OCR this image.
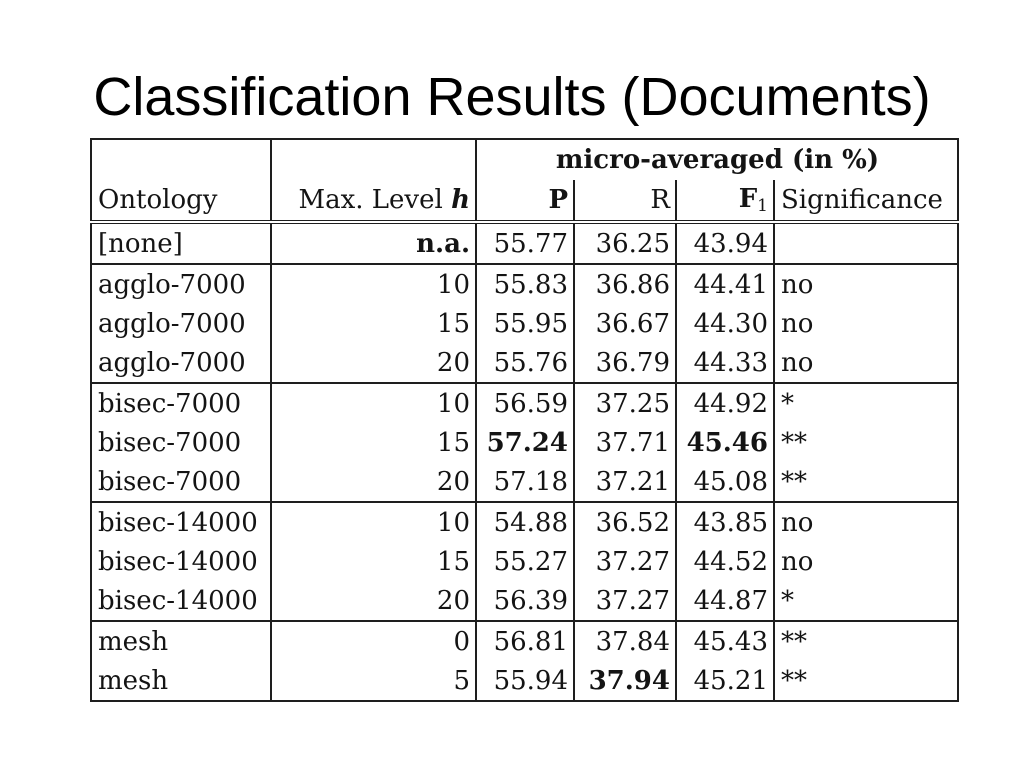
Classification Results (Documents)
		micro-averaged (in %)			
Ontology	Max. Level h	P	R	$F_1$	Significance
[none]	n.a.	55.77	36.25	43.94	
agglo-7000	10	55.83	36.86	44.41	no
agglo-7000	15	55.95	36.67	44.30	no
agglo-7000	20	55.76	36.79	44.33	no
bisec-7000	10	56.59	37.25	44.92	*
bisec-7000	15	57.24	37.71	45.46	**
bisec-7000	20	57.18	37.21	45.08	**
bisec-14000	10	54.88	36.52	43.85	no
bisec-14000	15	55.27	37.27	44.52	no
bisec-14000	20	56.39	37.27	44.87	*
mesh	0	56.81	37.84	45.43	**
mesh	5	55.94	37.94	45.21	**
